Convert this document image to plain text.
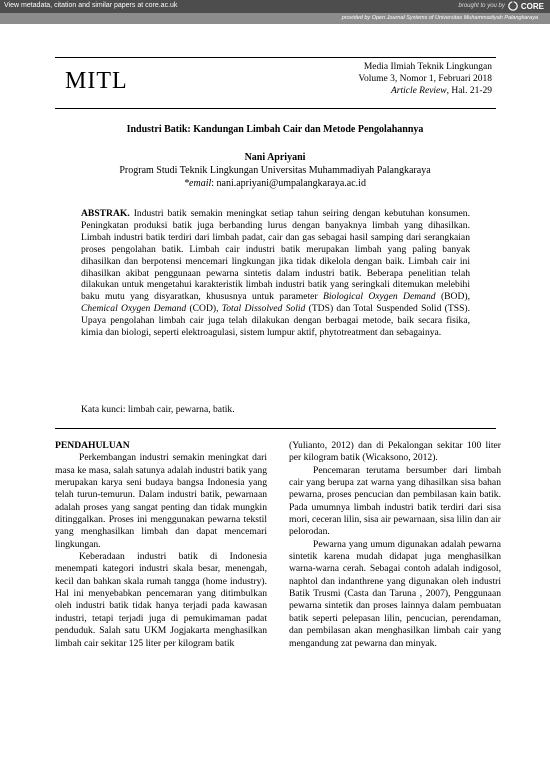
View metadata, citation and similar papers at core.ac.uk	brought to you by CORE
provided by Open Journal Systems of Universitas Muhammadiyah Palangkaraya
MITL
Media Ilmiah Teknik Lingkungan
Volume 3, Nomor 1, Februari 2018
Article Review, Hal. 21-29
Industri Batik: Kandungan Limbah Cair dan Metode Pengolahannya
Nani Apriyani
Program Studi Teknik Lingkungan Universitas Muhammadiyah Palangkaraya
*email: nani.apriyani@umpalangkaraya.ac.id
ABSTRAK. Industri batik semakin meningkat setiap tahun seiring dengan kebutuhan konsumen. Peningkatan produksi batik juga berbanding lurus dengan banyaknya limbah yang dihasilkan. Limbah industri batik terdiri dari limbah padat, cair dan gas sebagai hasil samping dari serangkaian proses pengolahan batik. Limbah cair industri batik merupakan limbah yang paling banyak dihasilkan dan berpotensi mencemari lingkungan jika tidak dikelola dengan baik. Limbah cair ini dihasilkan akibat penggunaan pewarna sintetis dalam industri batik. Beberapa penelitian telah dilakukan untuk mengetahui karakteristik limbah industri batik yang seringkali ditemukan melebihi baku mutu yang disyaratkan, khususnya untuk parameter Biological Oxygen Demand (BOD), Chemical Oxygen Demand (COD), Total Dissolved Solid (TDS) dan Total Suspended Solid (TSS). Upaya pengolahan limbah cair juga telah dilakukan dengan berbagai metode, baik secara fisika, kimia dan biologi, seperti elektroagulasi, sistem lumpur aktif, phytotreatment dan sebagainya.
Kata kunci: limbah cair, pewarna, batik.
PENDAHULUAN

Perkembangan industri semakin meningkat dari masa ke masa, salah satunya adalah industri batik yang merupakan karya seni budaya bangsa Indonesia yang telah turun-temurun. Dalam industri batik, pewarnaan adalah proses yang sangat penting dan tidak mungkin ditinggalkan. Proses ini menggunakan pewarna tekstil yang menghasilkan limbah dan dapat mencemari lingkungan.

Keberadaan industri batik di Indonesia menempati kategori industri skala besar, menengah, kecil dan bahkan skala rumah tangga (home industry). Hal ini menyebabkan pencemaran yang ditimbulkan oleh industri batik tidak hanya terjadi pada kawasan industri, tetapi terjadi juga di pemukimaman padat penduduk. Salah satu UKM Jogjakarta menghasilkan limbah cair sekitar 125 liter per kilogram batik

(Yulianto, 2012) dan di Pekalongan sekitar 100 liter per kilogram batik (Wicaksono, 2012).

Pencemaran terutama bersumber dari limbah cair yang berupa zat warna yang dihasilkan sisa bahan pewarna, proses pencucian dan pembilasan kain batik. Pada umumnya limbah industri batik terdiri dari sisa mori, ceceran lilin, sisa air pewarnaan, sisa lilin dan air pelorodan.

Pewarna yang umum digunakan adalah pewarna sintetik karena mudah didapat juga menghasilkan warna-warna cerah. Sebagai contoh adalah indigosol, naphtol dan indanthrene yang digunakan oleh industri Batik Trusmi (Casta dan Taruna , 2007), Penggunaan pewarna sintetik dan proses lainnya dalam pembuatan batik seperti pelepasan lilin, pencucian, perendaman, dan pembilasan akan menghasilkan limbah cair yang mengandung zat pewarna dan minyak.
